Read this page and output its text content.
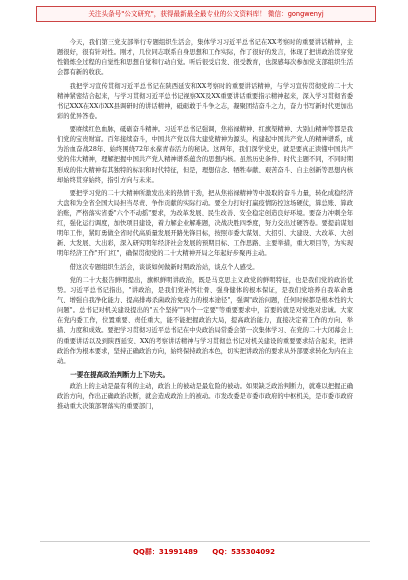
关注头条号"公文研究"，获得最新最全最专业的公文资料库！ 微信：gongwenyj

今天，我们第三党支部举行专题组织生活会，集体学习习近平总书记在XX考察时的重要讲话精神，主题很好，很有针对性。刚才，几位同志联系自身思想和工作实际，作了很好的发言，体现了把讲政治贯穿党性锻炼全过程的自觉性和思想自觉和行动自觉。听后很受启发、很受教育，也深感每次参加党支部组织生活会都有新的收获。

我把学习宣传贯彻习近平总书记在陕西延安和XX考察时的重要讲话精神，与学习宣传贯彻党的二十大精神紧密结合起来，与学习贯彻习近平总书记视察XX及XX重要讲话重要指示精神起来，深入学习贯彻省委书记XXX在XX市XX县调研时的讲话精神，砥砺敢于斗争之志，凝聚团结奋斗之力，奋力书写新时代更加出彩的优异答卷。

要赓续红色血脉，砥砺奋斗精神。习近平总书记强调，焦裕禄精神、红旗渠精神、大别山精神等都是我们党的宝贵财富。百年接续奋斗，中国共产党以伟大建党精神为源头，构建起中国共产党人的精神谱系，成为治血奋战28年、始终围绕72年永葆青春活力的秘诀。这两年，我们深学党史，就是要真正读懂中国共产党的伟大精神，理解把握中国共产党人精神谱系蕴含的思想内核。虽然历史条件、时代主题不同，不同时期形成的伟大精神有其独特的标识和时代特征，但是，理想信念、牺牲奉献、艰苦奋斗、自主创新等思想内核却始终贯穿始终，指引方向与未来。

要把学习党的二十大精神所激发出来的热情干劲，把从焦裕禄精神等中汲取的奋斗力量，转化成稳经济大盘和为全省全国大局担当尽责、争作贡献的实际行动。要全力打好打赢疫情防控这场硬仗，算总账、算政治账，严格落实省委"六个不动摇"要求，为改革发展、民生改善、安全稳定创造良好环境。要奋力冲刺全年红，强化运行调度，加快项目建设，着力解企业解难题，决战决胜四季度，努力交出过硬答卷。要提前谋划明年工作，紧盯勇做全省时代高质量发展开路先锋目标，按照市委大谋划、大招引、大建设、大改革、大创新、大发展、大出彩，深入研究明年经济社会发展的预期目标、工作思路、主要举措，重大项目等，为实现明年经济工作"开门红"，确保贯彻党的二十大精神开局之年起好步聚再主动。

借这次专题组织生活会，谈谈如何做新时期政治站，谈点个人感受。

党的二十大报告鲜明提出，旗帜鲜明讲政治，既是马克思主义政党的鲜明特征，也是我们党的政治优势。习近平总书记指出，"讲政治，是我们党补钙壮骨、强身健体的根本保证，是我们党培养自我革命勇气、增强自我净化能力、提高排毒杀菌政治免疫力的根本途径"，强调"政治问题，任何时候都是根本性的大问题"。总书记对机关建设提出的"五个坚持""四个一定要"等重要要求中，首要的就是对党绝对忠诚。大家在党内委工作，位置重要、责任重大，能不能把握政治大局，提高政治能力，直接决定着工作的方向、举措、力度和成效。要把学习贯彻习近平总书记在中央政治局常委会第一次集体学习、在党的二十大闭幕会上的重要讲话以及到陕西延安、XX的考察讲话精神与学习贯彻总书记对机关建设的重要要求结合起来，把讲政治作为根本要求，坚持正确政治方向，始终保持政治本色，切实把讲政治的要求从外部要求转化为内在主动。

一要在提高政治判断力上下功夫。

政治上的主动是最有利的主动，政治上的被动是最危险的被动。如果缺乏政治判断力，就难以把握正确政治方向，作出正确政治决断，就会造成政治上的被动。市发改委是市委市政府的中枢机关，是市委市政府推动重大决策部署落实的重要部门，

QQ群：31991489 QQ：535304092
